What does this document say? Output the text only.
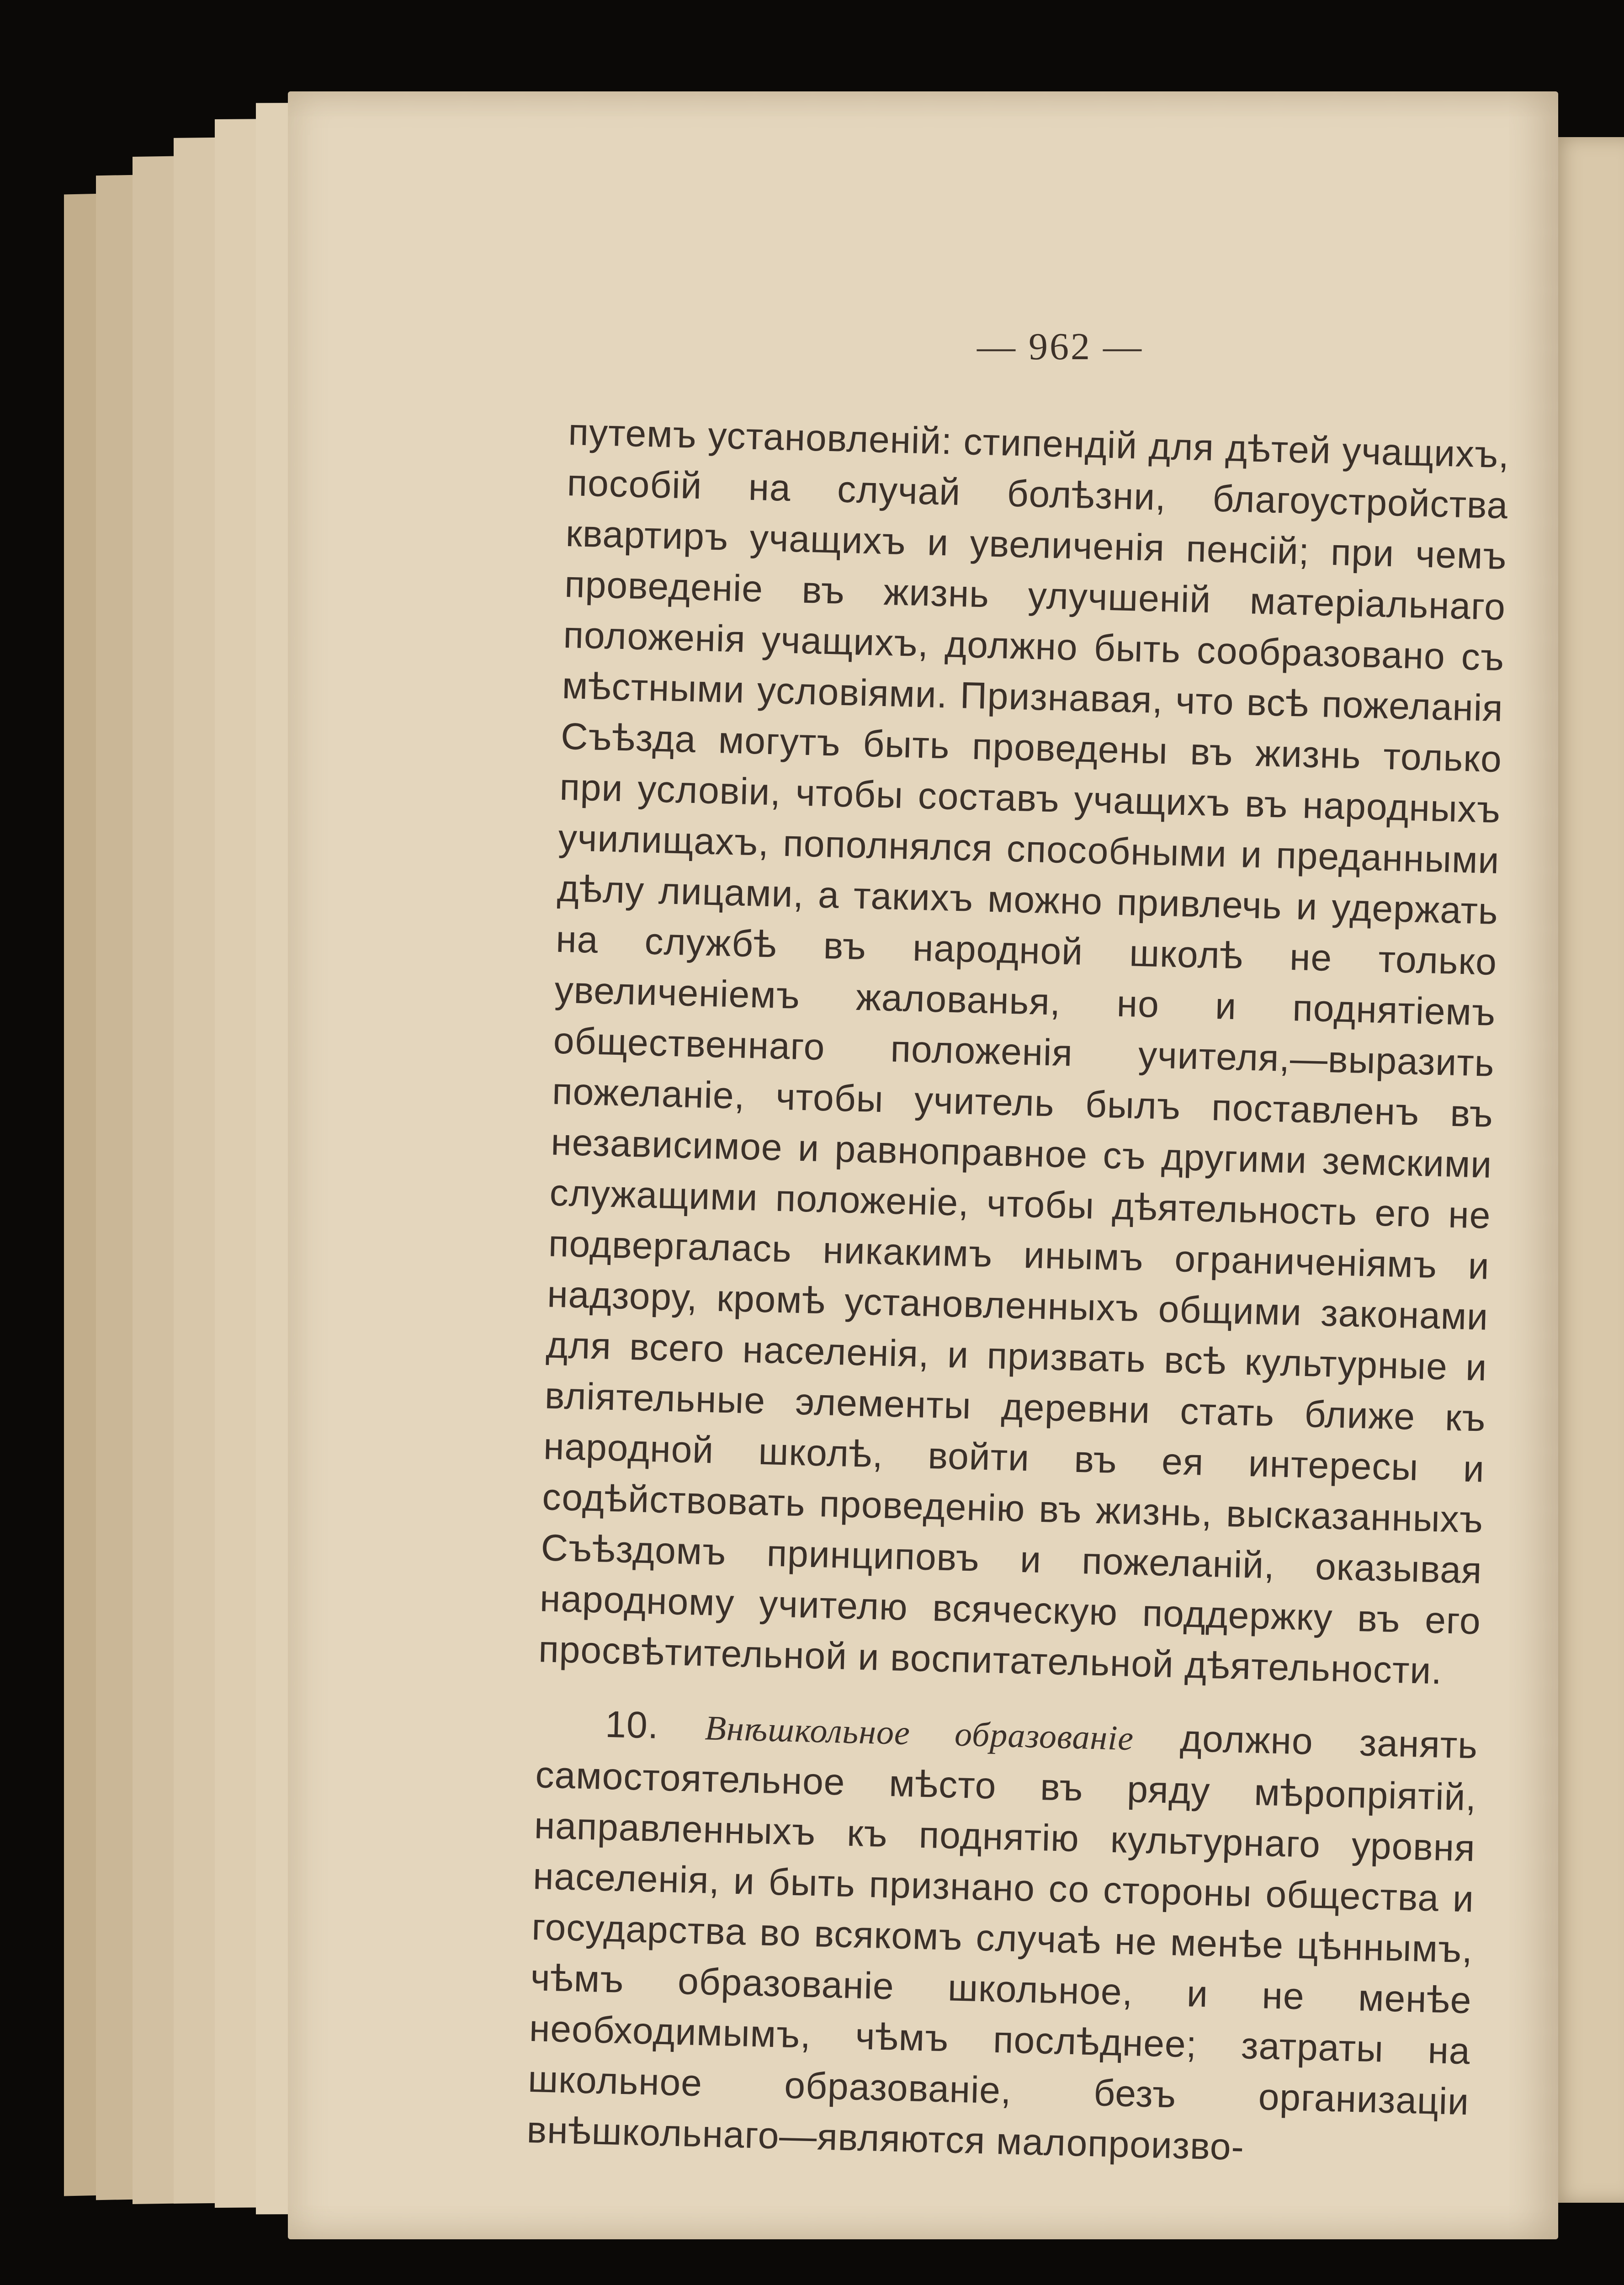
— 962 —

путемъ установленій: стипендій для дѣтей учащихъ, пособій на случай болѣзни, благоустройства квартиръ учащихъ и увеличенія пенсій; при чемъ проведеніе въ жизнь улучшеній матеріальнаго положенія учащихъ, должно быть сообразовано съ мѣстными условіями. Признавая, что всѣ пожеланія Съѣзда могутъ быть проведены въ жизнь только при условіи, чтобы составъ учащихъ въ народныхъ училищахъ, пополнялся способными и преданными дѣлу лицами, а такихъ можно привлечь и удержать на службѣ въ народной школѣ не только увеличеніемъ жалованья, но и поднятіемъ общественнаго положенія учителя,—выразить пожеланіе, чтобы учитель былъ поставленъ въ независимое и равноправное съ другими земскими служащими положеніе, чтобы дѣятельность его не подвергалась никакимъ инымъ ограниченіямъ и надзору, кромѣ установленныхъ общими законами для всего населенія, и призвать всѣ культурные и вліятельные элементы деревни стать ближе къ народной школѣ, войти въ ея интересы и содѣйствовать проведенію въ жизнь, высказанныхъ Съѣздомъ принциповъ и пожеланій, оказывая народному учителю всяческую поддержку въ его просвѣтительной и воспитательной дѣятельности.

10. Внѣшкольное образованіе должно занять самостоятельное мѣсто въ ряду мѣропріятій, направленныхъ къ поднятію культурнаго уровня населенія, и быть признано со стороны общества и государства во всякомъ случаѣ не менѣе цѣннымъ, чѣмъ образованіе школьное, и не менѣе необходимымъ, чѣмъ послѣднее; затраты на школьное образованіе, безъ организаціи внѣшкольнаго—являются малопроизво-
